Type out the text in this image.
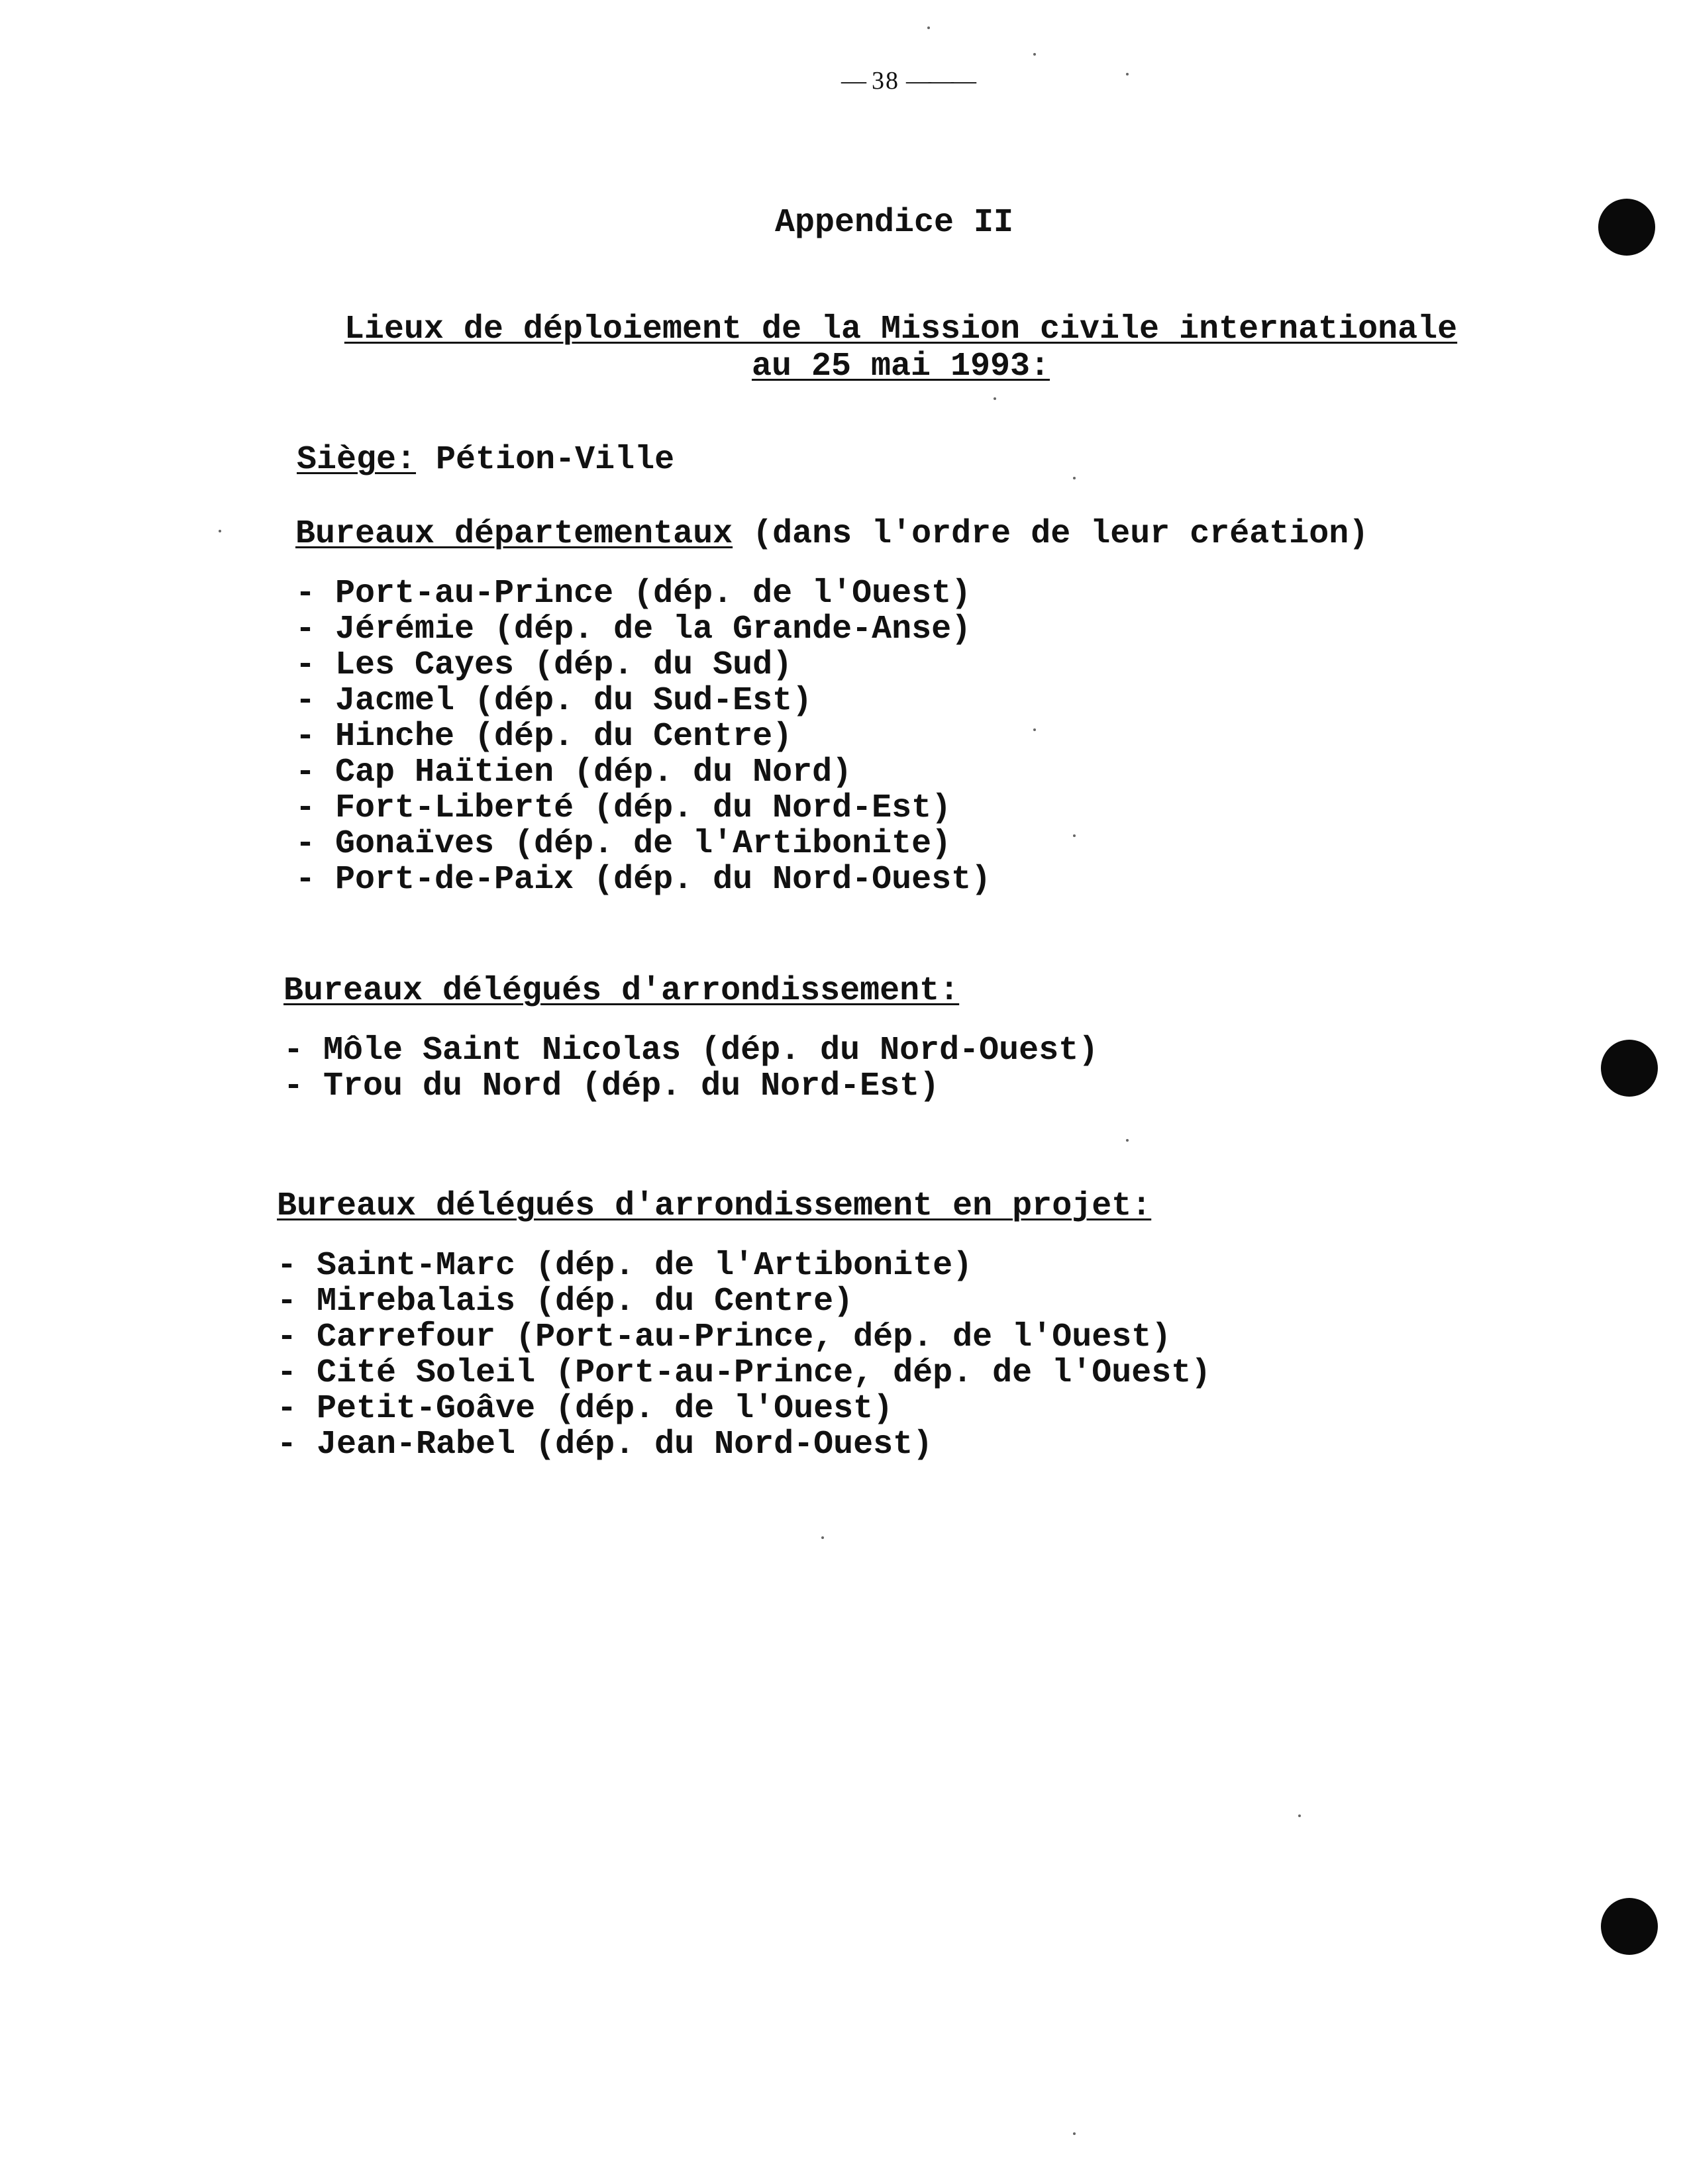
— 38 ———
Appendice II
Lieux de déploiement de la Mission civile internationale
au 25 mai 1993:
Siège: Pétion-Ville
Bureaux départementaux (dans l'ordre de leur création)
- Port-au-Prince (dép. de l'Ouest)
- Jérémie (dép. de la Grande-Anse)
- Les Cayes (dép. du Sud)
- Jacmel (dép. du Sud-Est)
- Hinche (dép. du Centre)
- Cap Haïtien (dép. du Nord)
- Fort-Liberté (dép. du Nord-Est)
- Gonaïves (dép. de l'Artibonite)
- Port-de-Paix (dép. du Nord-Ouest)
Bureaux délégués d'arrondissement:
- Môle Saint Nicolas (dép. du Nord-Ouest)
- Trou du Nord (dép. du Nord-Est)
Bureaux délégués d'arrondissement en projet:
- Saint-Marc (dép. de l'Artibonite)
- Mirebalais (dép. du Centre)
- Carrefour (Port-au-Prince, dép. de l'Ouest)
- Cité Soleil (Port-au-Prince, dép. de l'Ouest)
- Petit-Goâve (dép. de l'Ouest)
- Jean-Rabel (dép. du Nord-Ouest)
